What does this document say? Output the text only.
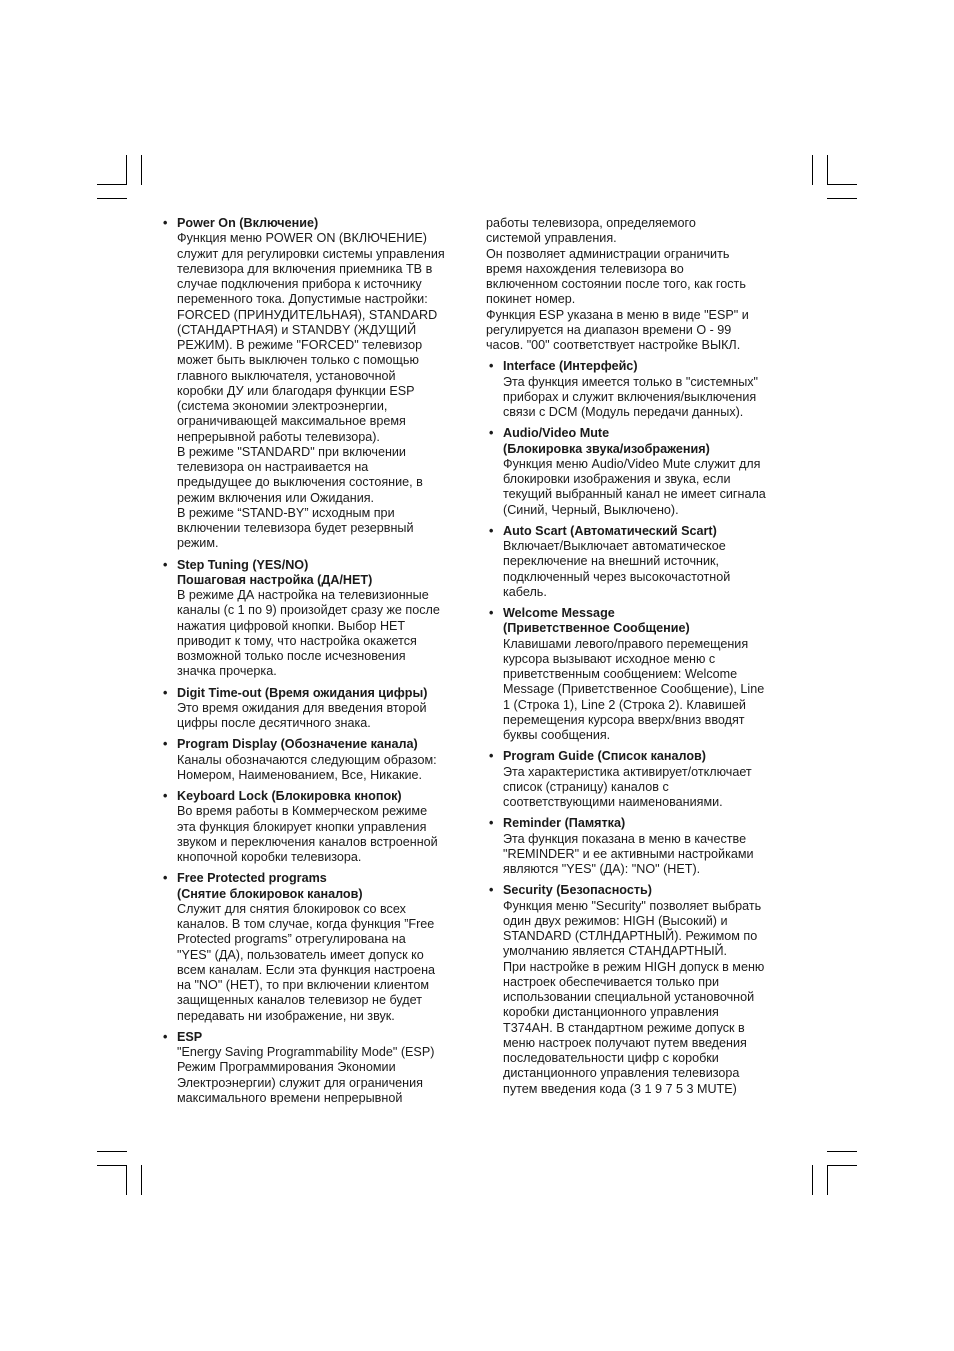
• Power On (Включение)
Функция меню POWER ON (ВКЛЮЧЕНИЕ)
служит для регулировки системы управления
телевизора для включения приемника ТВ в
случае подключения прибора к источнику
переменного тока. Допустимые настройки:
FORCED (ПРИНУДИТЕЛЬНАЯ), STANDARD
(СТАНДАРТНАЯ) и STANDBY (ЖДУЩИЙ
РЕЖИМ). В режиме "FORCED" телевизор
может быть выключен только с помощью
главного выключателя, установочной
коробки ДУ или благодаря функции ESP
(система экономии электроэнергии,
ограничивающей максимальное время
непрерывной работы телевизора).
В режиме "STANDARD" при включении
телевизора он настраивается на
предыдущее до выключения состояние, в
режим включения или Ожидания.
В режиме “STAND-BY” исходным при
включении телевизора будет резервный
режим.
• Step Tuning (YES/NO)
Пошаговая настройка (ДА/НЕТ)
В режиме ДА настройка на телевизионные
каналы (с 1 по 9) произойдет сразу же после
нажатия цифровой кнопки. Выбор НЕТ
приводит к тому, что настройка окажется
возможной только после исчезновения
значка прочерка.
• Digit Time-out (Время ожидания цифры)
Это время ожидания для введения второй
цифры после десятичного знака.
• Program Display (Обозначение канала)
Каналы обозначаются следующим образом:
Номером, Наименованием, Все, Никакие.
• Keyboard Lock (Блокировка кнопок)
Во время работы в Коммерческом режиме
эта функция блокирует кнопки управления
звуком и переключения каналов встроенной
кнопочной коробки телевизора.
• Free Protected programs
(Снятие блокировок каналов)
Служит для снятия блокировок со всех
каналов. В том случае, когда функция ”Free
Protected programs” отрегулирована на
"YES" (ДА), пользователь имеет допуск ко
всем каналам. Если эта функция настроена
на "NO" (НЕТ), то при включении клиентом
защищенных каналов телевизор не будет
передавать ни изображение, ни звук.
• ESP
"Energy Saving Programmability Mode" (ESP)
Режим Программирования Экономии
Электроэнергии) служит для ограничения
максимального времени непрерывной
работы телевизора, определяемого
системой управления.
Он позволяет администрации ограничить
время нахождения телевизора во
включенном состоянии после того, как гость
покинет номер.
Функция ESP указана в меню в виде "ESP" и
регулируется на диапазон времени О - 99
часов. "00" соответствует настройке ВЫКЛ.
• Interface (Интерфейс)
Эта функция имеется только в "системных"
приборах и служит включения/выключения
связи с DCM (Модуль передачи данных).
• Audio/Video Mute
(Блокировка звука/изображения)
Функция меню Audio/Video Mute служит для
блокировки изображения и звука, если
текущий выбранный канал не имеет сигнала
(Синий, Черный, Выключено).
• Auto Scart (Автоматический Scart)
Включает/Выключает автоматическое
переключение на внешний источник,
подключенный через высокочастотной
кабель.
• Welcome Message
(Приветственное Сообщение)
Клавишами левого/правого перемещения
курсора вызывают исходное меню с
приветственным сообщением: Welcome
Message (Приветственное Сообщение), Line
1 (Строка 1), Line 2 (Строка 2). Клавишей
перемещения курсора вверх/вниз вводят
буквы сообщения.
• Program Guide (Список каналов)
Эта характеристика активирует/отключает
список (страницу) каналов с
соответствующими наименованиями.
• Reminder (Памятка)
Эта функция показана в меню в качестве
"REMINDER" и ее активными настройками
являются "YES" (ДА): "NO" (НЕТ).
• Security (Безопасность)
Функция меню "Security" позволяет выбрать
один двух режимов: HIGH (Высокий) и
STANDARD (СТЛНДАРТНЫЙ). Режимом по
умолчанию является СТАНДАРТНЫЙ.
При настройке в режим HIGH допуск в меню
настроек обеспечивается только при
использовании специальной установочной
коробки дистанционного управления
Т374АН. В стандартном режиме допуск в
меню настроек получают путем введения
последовательности цифр с коробки
дистанционного управления телевизора
путем введения кода (3 1 9 7 5 3 MUTE)
